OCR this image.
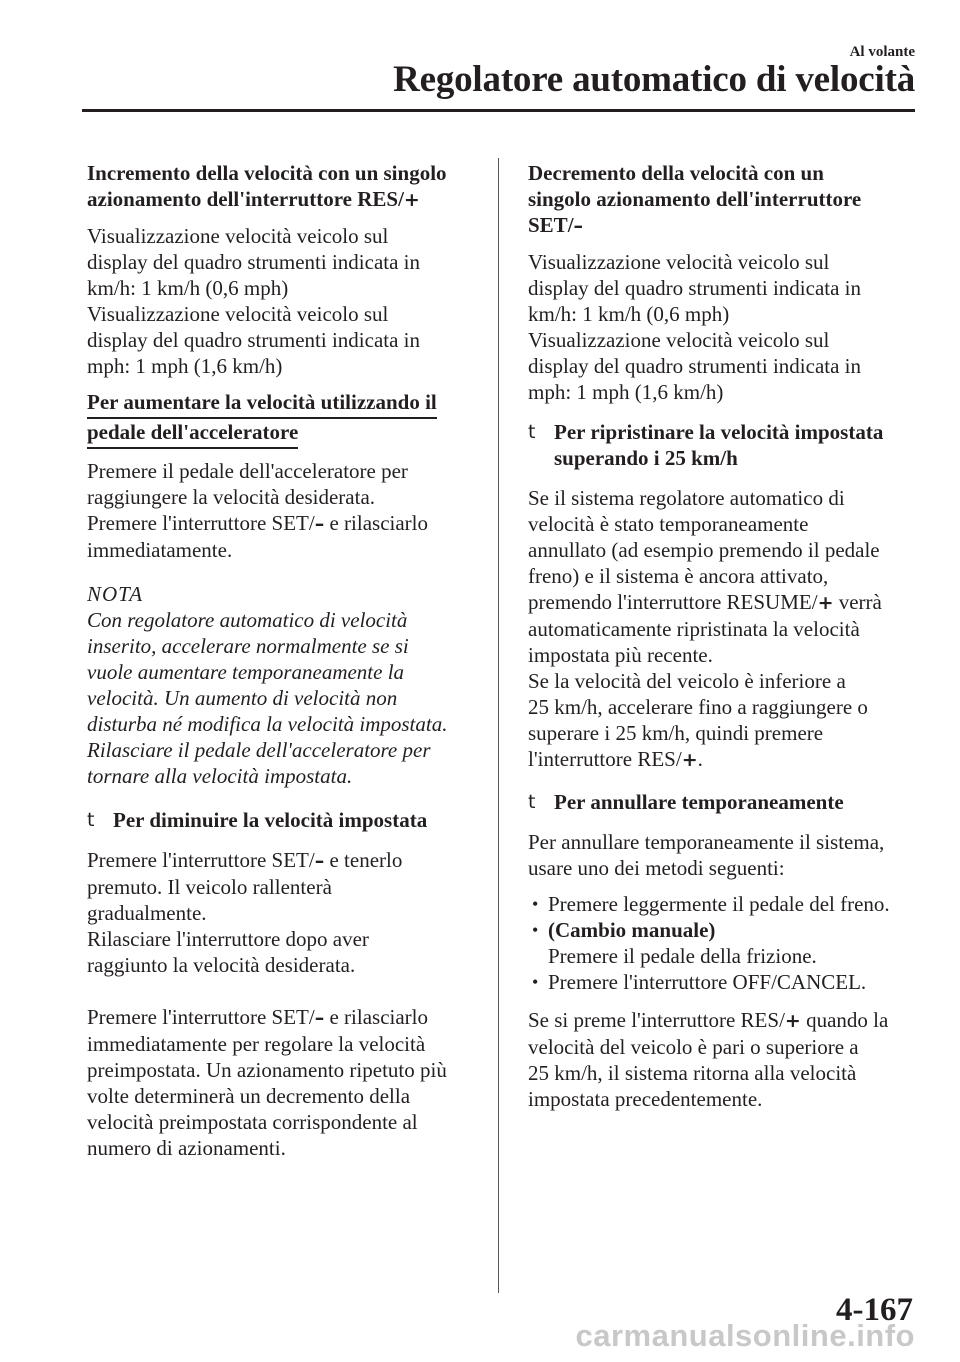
Al volante

Regolatore automatico di velocità

Incremento della velocità con un singolo
azionamento dell'interruttore RES/+

Visualizzazione velocità veicolo sul
display del quadro strumenti indicata in
km/h: 1 km/h (0,6 mph)
Visualizzazione velocità veicolo sul
display del quadro strumenti indicata in
mph: 1 mph (1,6 km/h)

Per aumentare la velocità utilizzando il
pedale dell'acceleratore

Premere il pedale dell'acceleratore per
raggiungere la velocità desiderata.
Premere l'interruttore SET/– e rilasciarlo
immediatamente.

NOTA

Con regolatore automatico di velocità
inserito, accelerare normalmente se si
vuole aumentare temporaneamente la
velocità. Un aumento di velocità non
disturba né modifica la velocità impostata.
Rilasciare il pedale dell'acceleratore per
tornare alla velocità impostata.

t Per diminuire la velocità impostata

Premere l'interruttore SET/– e tenerlo
premuto. Il veicolo rallenterà
gradualmente.
Rilasciare l'interruttore dopo aver
raggiunto la velocità desiderata.

Premere l'interruttore SET/– e rilasciarlo
immediatamente per regolare la velocità
preimpostata. Un azionamento ripetuto più
volte determinerà un decremento della
velocità preimpostata corrispondente al
numero di azionamenti.

Decremento della velocità con un
singolo azionamento dell'interruttore
SET/–

Visualizzazione velocità veicolo sul
display del quadro strumenti indicata in
km/h: 1 km/h (0,6 mph)
Visualizzazione velocità veicolo sul
display del quadro strumenti indicata in
mph: 1 mph (1,6 km/h)

t Per ripristinare la velocità impostata
superando i 25 km/h

Se il sistema regolatore automatico di
velocità è stato temporaneamente
annullato (ad esempio premendo il pedale
freno) e il sistema è ancora attivato,
premendo l'interruttore RESUME/+ verrà
automaticamente ripristinata la velocità
impostata più recente.
Se la velocità del veicolo è inferiore a
25 km/h, accelerare fino a raggiungere o
superare i 25 km/h, quindi premere
l'interruttore RES/+.

t Per annullare temporaneamente

Per annullare temporaneamente il sistema,
usare uno dei metodi seguenti:

• Premere leggermente il pedale del freno.

• (Cambio manuale)
Premere il pedale della frizione.

• Premere l'interruttore OFF/CANCEL.

Se si preme l'interruttore RES/+ quando la
velocità del veicolo è pari o superiore a
25 km/h, il sistema ritorna alla velocità
impostata precedentemente.

4-167

carmanualsonline.info
